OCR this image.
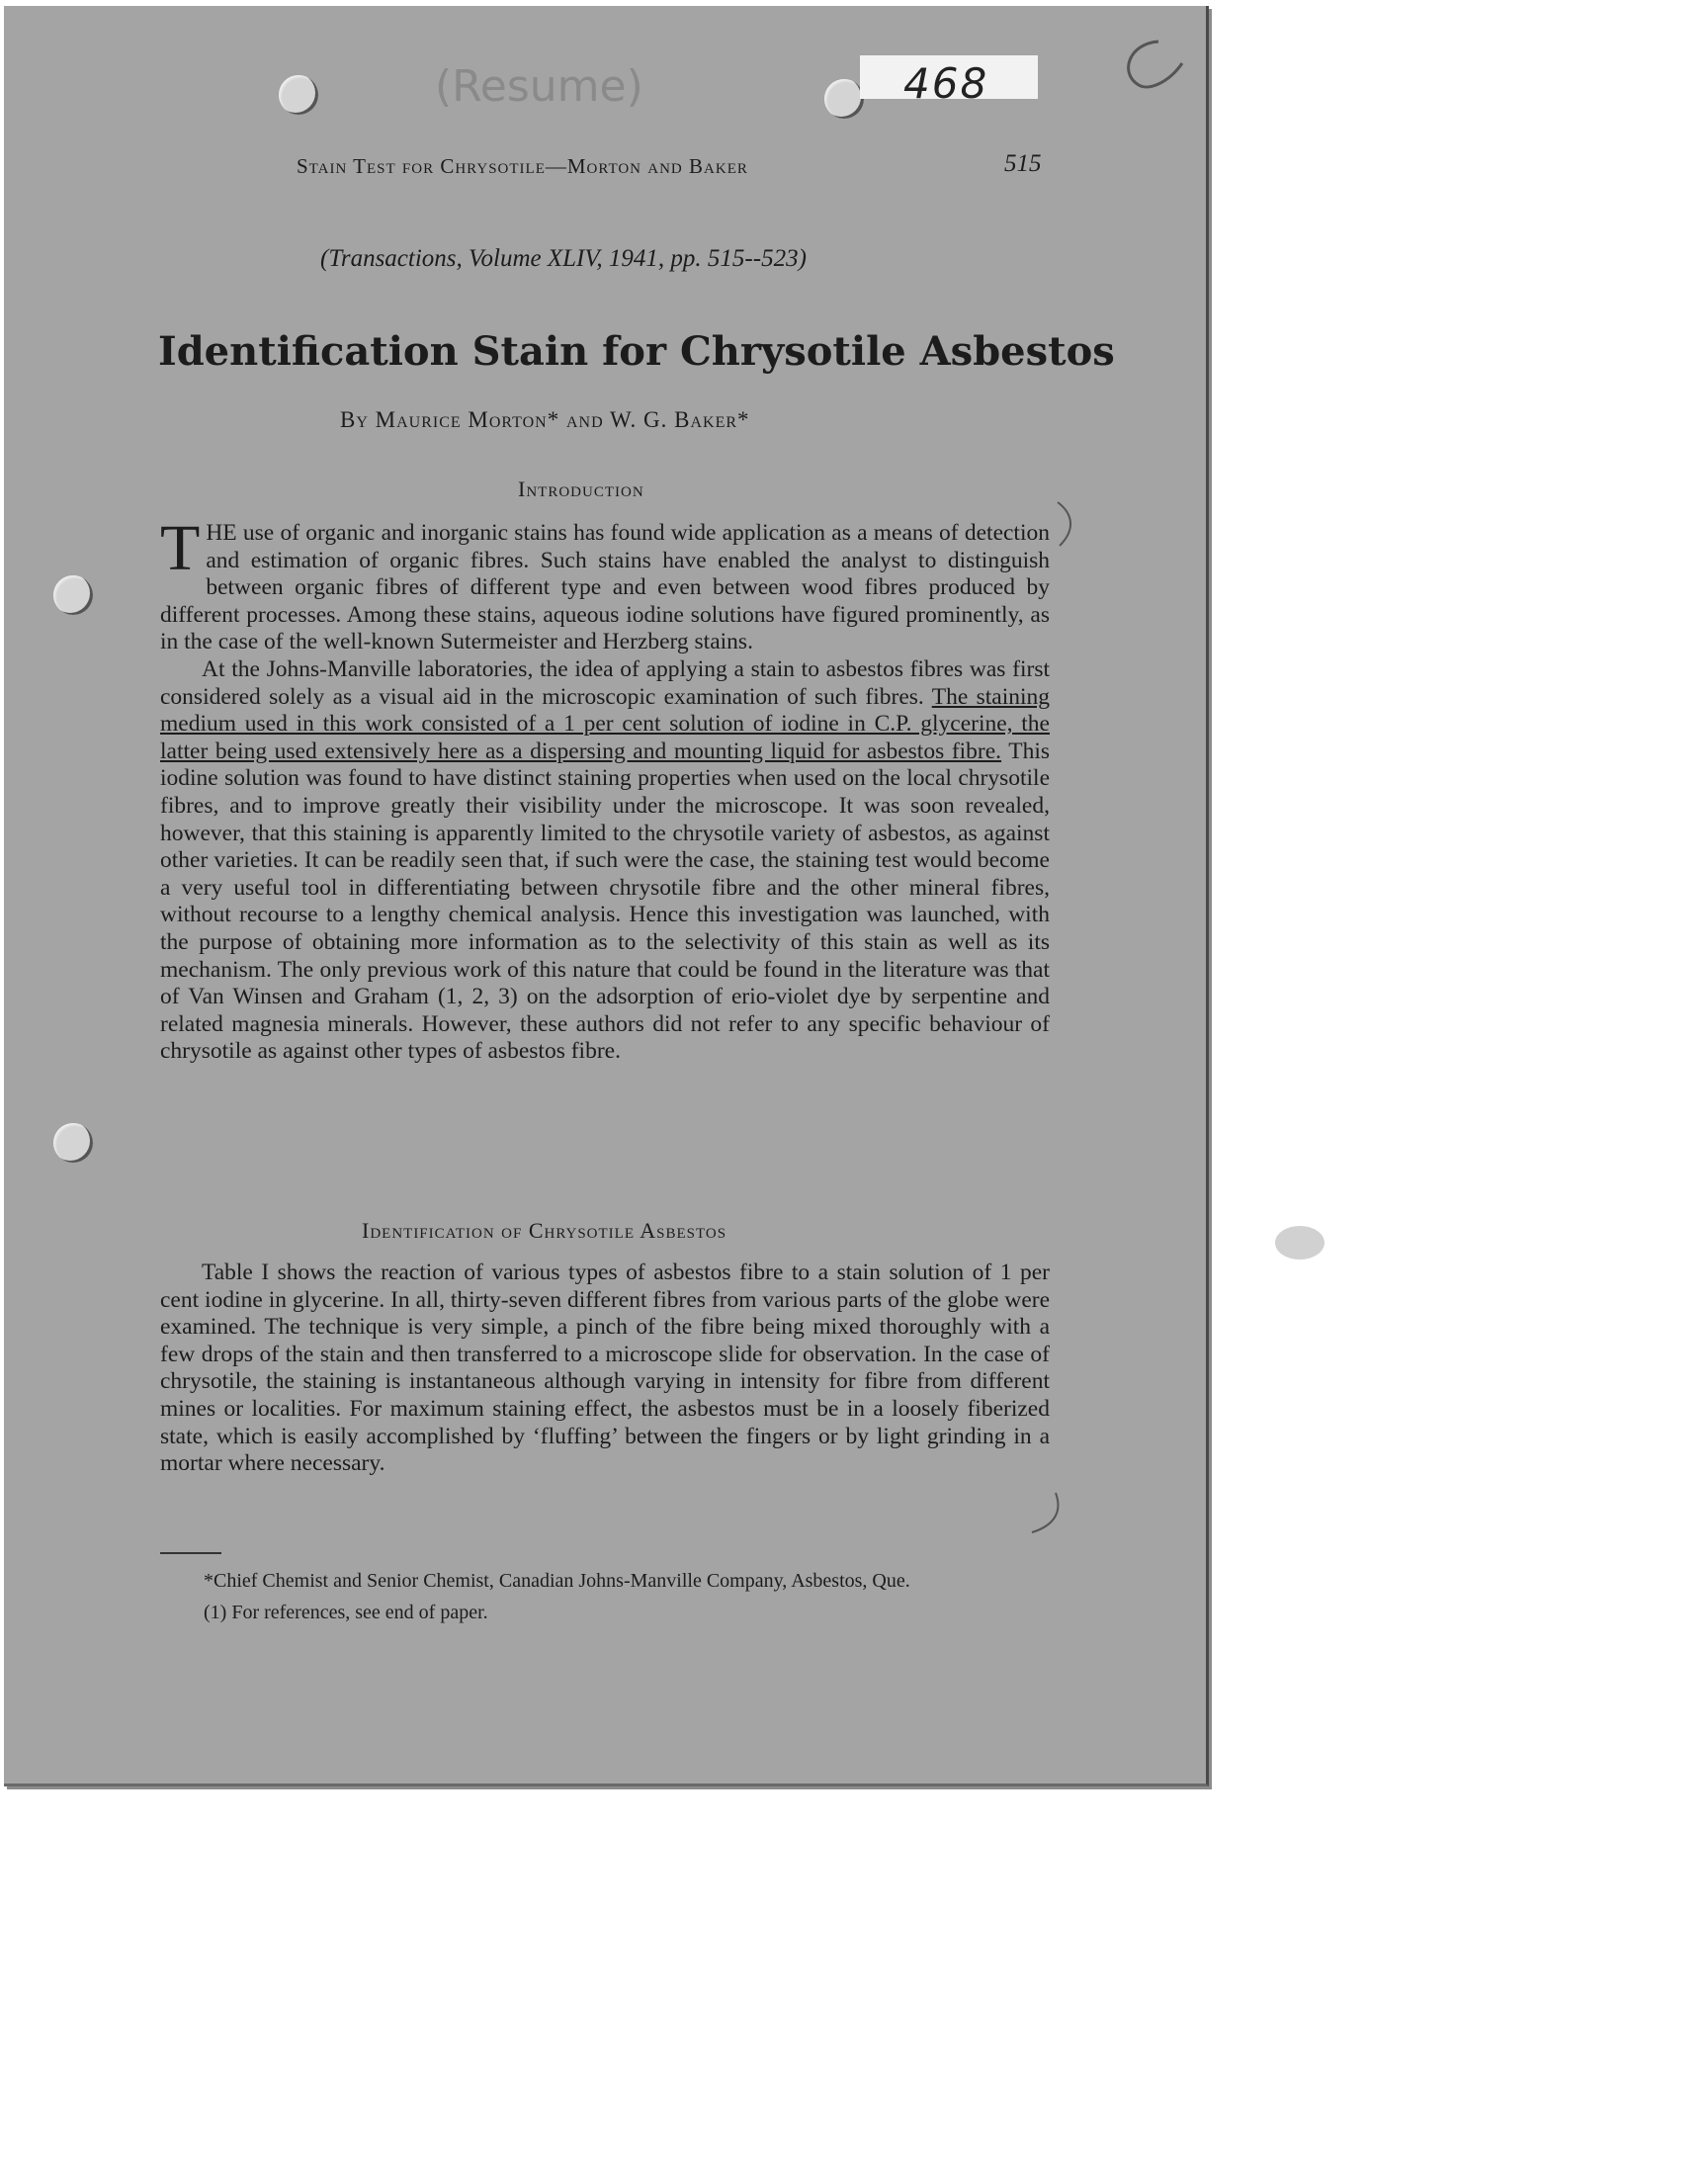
(Resume)	468
Stain Test for Chrysotile—Morton and Baker	515
(Transactions, Volume XLIV, 1941, pp. 515--523)
Identification Stain for Chrysotile Asbestos
By Maurice Morton* and W. G. Baker*
Introduction

THE use of organic and inorganic stains has found wide application as a means of detection and estimation of organic fibres. Such stains have enabled the analyst to distinguish between organic fibres of different type and even between wood fibres produced by different processes. Among these stains, aqueous iodine solutions have figured prominently, as in the case of the well-known Sutermeister and Herzberg stains.

At the Johns-Manville laboratories, the idea of applying a stain to asbestos fibres was first considered solely as a visual aid in the microscopic examination of such fibres. The staining medium used in this work consisted of a 1 per cent solution of iodine in C.P. glycerine, the latter being used extensively here as a dispersing and mounting liquid for asbestos fibre. This iodine solution was found to have distinct staining properties when used on the local chrysotile fibres, and to improve greatly their visibility under the microscope. It was soon revealed, however, that this staining is apparently limited to the chrysotile variety of asbestos, as against other varieties. It can be readily seen that, if such were the case, the staining test would become a very useful tool in differentiating between chrysotile fibre and the other mineral fibres, without recourse to a lengthy chemical analysis. Hence this investigation was launched, with the purpose of obtaining more information as to the selectivity of this stain as well as its mechanism. The only previous work of this nature that could be found in the literature was that of Van Winsen and Graham (1, 2, 3) on the adsorption of erio-violet dye by serpentine and related magnesia minerals. However, these authors did not refer to any specific behaviour of chrysotile as against other types of asbestos fibre.

Identification of Chrysotile Asbestos

Table I shows the reaction of various types of asbestos fibre to a stain solution of 1 per cent iodine in glycerine. In all, thirty-seven different fibres from various parts of the globe were examined. The technique is very simple, a pinch of the fibre being mixed thoroughly with a few drops of the stain and then transferred to a microscope slide for observation. In the case of chrysotile, the staining is instantaneous although varying in intensity for fibre from different mines or localities. For maximum staining effect, the asbestos must be in a loosely fiberized state, which is easily accomplished by ‘fluffing’ between the fingers or by light grinding in a mortar where necessary.

*Chief Chemist and Senior Chemist, Canadian Johns-Manville Company, Asbestos, Que.
(1) For references, see end of paper.
